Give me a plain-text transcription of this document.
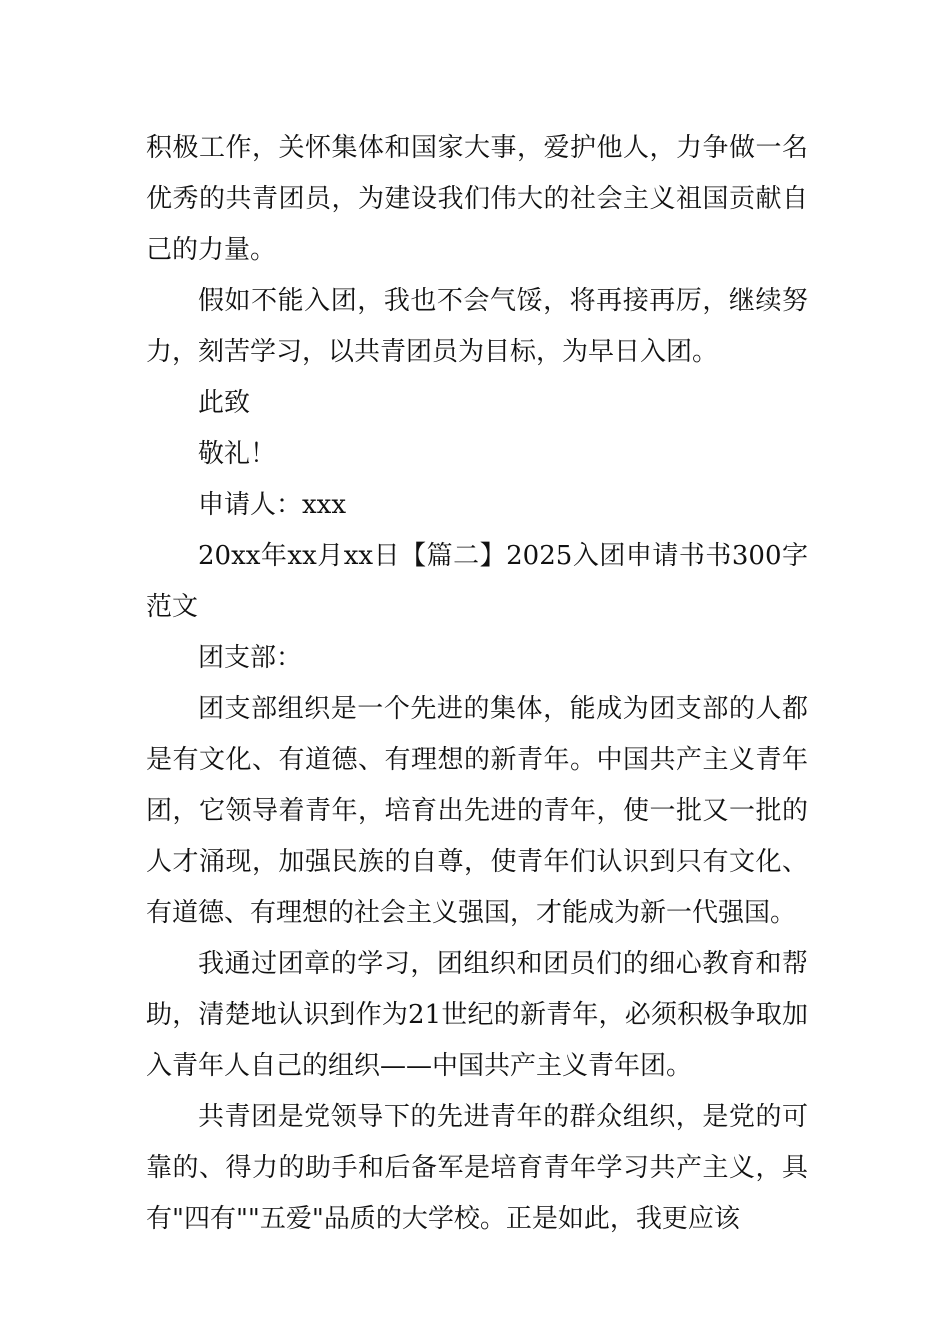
积极工作，关怀集体和国家大事，爱护他人，力争做一名优秀的共青团员，为建设我们伟大的社会主义祖国贡献自己的力量。

假如不能入团，我也不会气馁，将再接再厉，继续努力，刻苦学习，以共青团员为目标，为早日入团。

此致

敬礼！

申请人：xxx

20xx年xx月xx日【篇二】2025入团申请书书300字范文

团支部：

团支部组织是一个先进的集体，能成为团支部的人都是有文化、有道德、有理想的新青年。中国共产主义青年团，它领导着青年，培育出先进的青年，使一批又一批的人才涌现，加强民族的自尊，使青年们认识到只有文化、有道德、有理想的社会主义强国，才能成为新一代强国。

我通过团章的学习，团组织和团员们的细心教育和帮助，清楚地认识到作为21世纪的新青年，必须积极争取加入青年人自己的组织——中国共产主义青年团。

共青团是党领导下的先进青年的群众组织，是党的可靠的、得力的助手和后备军是培育青年学习共产主义，具有"四有""五爱"品质的大学校。正是如此，我更应该
